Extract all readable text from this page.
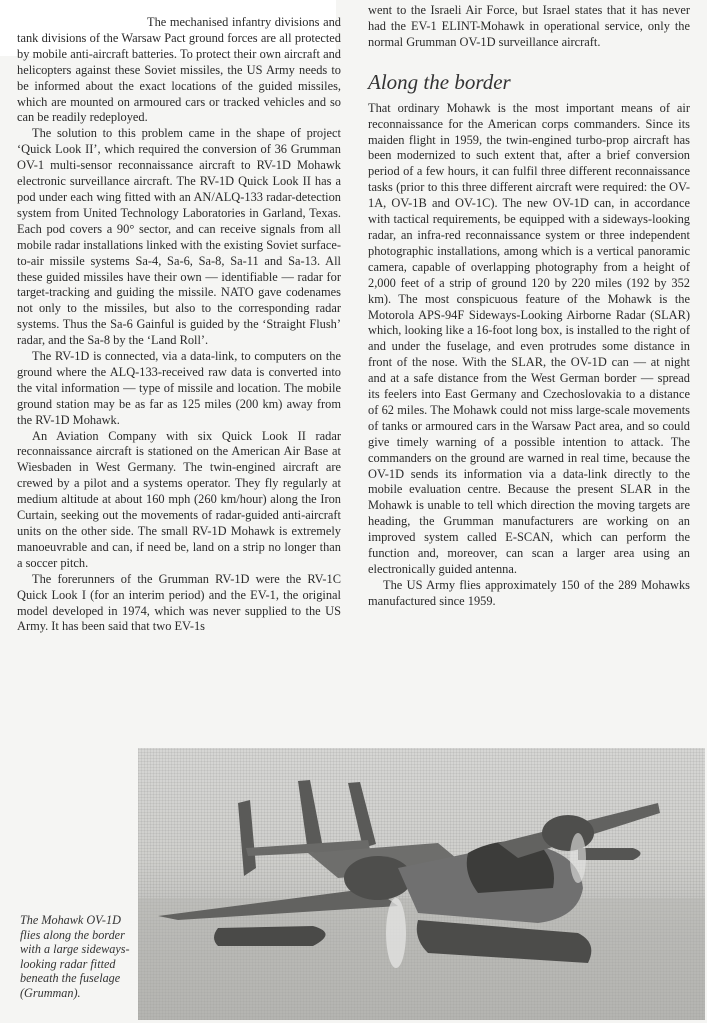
The mechanised infantry divisions and tank divisions of the Warsaw Pact ground forces are all protected by mobile anti-aircraft batteries. To protect their own aircraft and helicopters against these Soviet missiles, the US Army needs to be informed about the exact locations of the guided missiles, which are mounted on armoured cars or tracked vehicles and so can be readily redeployed.

The solution to this problem came in the shape of project ‘Quick Look II’, which required the conversion of 36 Grumman OV-1 multi-sensor reconnaissance aircraft to RV-1D Mohawk electronic surveillance aircraft. The RV-1D Quick Look II has a pod under each wing fitted with an AN/ALQ-133 radar-detection system from United Technology Laboratories in Garland, Texas. Each pod covers a 90° sector, and can receive signals from all mobile radar installations linked with the existing Soviet surface-to-air missile systems Sa-4, Sa-6, Sa-8, Sa-11 and Sa-13. All these guided missiles have their own — identifiable — radar for target-tracking and guiding the missile. NATO gave codenames not only to the missiles, but also to the corresponding radar systems. Thus the Sa-6 Gainful is guided by the ‘Straight Flush’ radar, and the Sa-8 by the ‘Land Roll’.

The RV-1D is connected, via a data-link, to computers on the ground where the ALQ-133-received raw data is converted into the vital information — type of missile and location. The mobile ground station may be as far as 125 miles (200 km) away from the RV-1D Mohawk.

An Aviation Company with six Quick Look II radar reconnaissance aircraft is stationed on the American Air Base at Wiesbaden in West Germany. The twin-engined aircraft are crewed by a pilot and a systems operator. They fly regularly at medium altitude at about 160 mph (260 km/hour) along the Iron Curtain, seeking out the movements of radar-guided anti-aircraft units on the other side. The small RV-1D Mohawk is extremely manoeuvrable and can, if need be, land on a strip no longer than a soccer pitch.

The forerunners of the Grumman RV-1D were the RV-1C Quick Look I (for an interim period) and the EV-1, the original model developed in 1974, which was never supplied to the US Army. It has been said that two EV-1s

went to the Israeli Air Force, but Israel states that it has never had the EV-1 ELINT-Mohawk in operational service, only the normal Grumman OV-1D surveillance aircraft.

Along the border

That ordinary Mohawk is the most important means of air reconnaissance for the American corps commanders. Since its maiden flight in 1959, the twin-engined turbo-prop aircraft has been modernized to such extent that, after a brief conversion period of a few hours, it can fulfil three different reconnaissance tasks (prior to this three different aircraft were required: the OV-1A, OV-1B and OV-1C). The new OV-1D can, in accordance with tactical requirements, be equipped with a sideways-looking radar, an infra-red reconnaissance system or three independent photographic installations, among which is a vertical panoramic camera, capable of overlapping photography from a height of 2,000 feet of a strip of ground 120 by 220 miles (192 by 352 km). The most conspicuous feature of the Mohawk is the Motorola APS-94F Sideways-Looking Airborne Radar (SLAR) which, looking like a 16-foot long box, is installed to the right of and under the fuselage, and even protrudes some distance in front of the nose. With the SLAR, the OV-1D can — at night and at a safe distance from the West German border — spread its feelers into East Germany and Czechoslovakia to a distance of 62 miles. The Mohawk could not miss large-scale movements of tanks or armoured cars in the Warsaw Pact area, and so could give timely warning of a possible intention to attack. The commanders on the ground are warned in real time, because the OV-1D sends its information via a data-link directly to the mobile evaluation centre. Because the present SLAR in the Mohawk is unable to tell which direction the moving targets are heading, the Grumman manufacturers are working on an improved system called E-SCAN, which can perform the function and, moreover, can scan a larger area using an electronically guided antenna.

The US Army flies approximately 150 of the 289 Mohawks manufactured since 1959.

The Mohawk OV-1D flies along the border with a large sideways-looking radar fitted beneath the fuselage (Grumman).
